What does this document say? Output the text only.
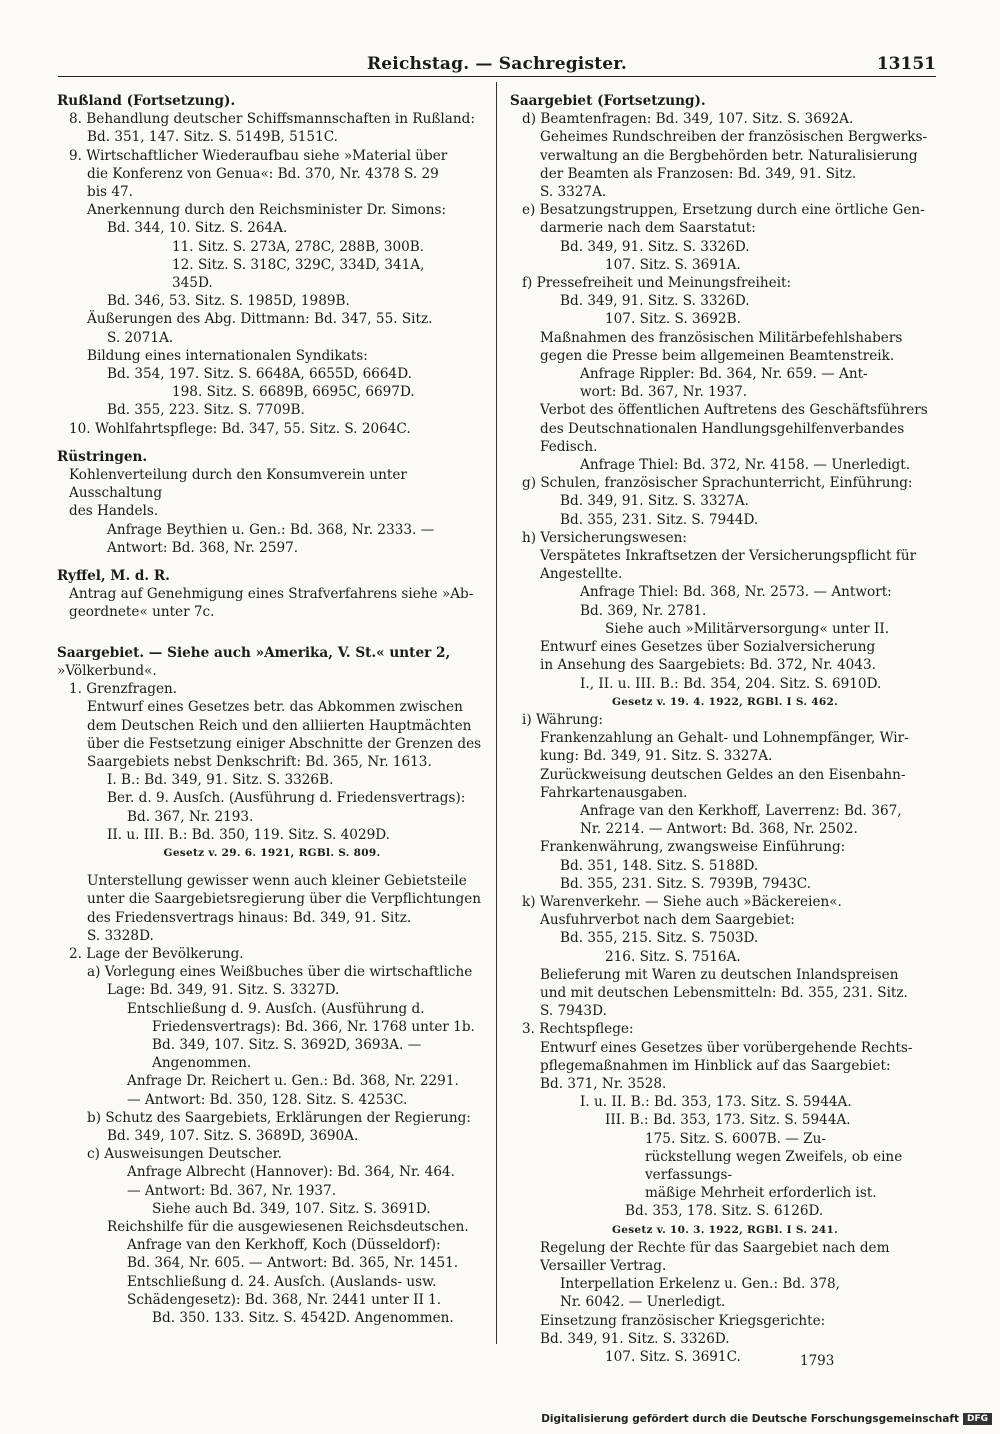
Reichstag. — Sachregister.	13151

Rußland (Fortsetzung).

8. Behandlung deutscher Schiffsmannschaften in Rußland:

Bd. 351, 147. Sitz. S. 5149B, 5151C.

9. Wirtschaftlicher Wiederaufbau siehe »Material über

die Konferenz von Genua«: Bd. 370, Nr. 4378 S. 29

bis 47.

Anerkennung durch den Reichsminister Dr. Simons:

Bd. 344, 10. Sitz. S. 264A.

11. Sitz. S. 273A, 278C, 288B, 300B.

12. Sitz. S. 318C, 329C, 334D, 341A,

345D.

Bd. 346, 53. Sitz. S. 1985D, 1989B.

Äußerungen des Abg. Dittmann: Bd. 347, 55. Sitz.

S. 2071A.

Bildung eines internationalen Syndikats:

Bd. 354, 197. Sitz. S. 6648A, 6655D, 6664D.

198. Sitz. S. 6689B, 6695C, 6697D.

Bd. 355, 223. Sitz. S. 7709B.

10. Wohlfahrtspflege: Bd. 347, 55. Sitz. S. 2064C.

Rüstringen.

Kohlenverteilung durch den Konsumverein unter Ausschaltung

des Handels.

Anfrage Beythien u. Gen.: Bd. 368, Nr. 2333. —

Antwort: Bd. 368, Nr. 2597.

Ryffel, M. d. R.

Antrag auf Genehmigung eines Strafverfahrens siehe »Ab-

geordnete« unter 7c.

Saargebiet. — Siehe auch »Amerika, V. St.« unter 2,

»Völkerbund«.

1. Grenzfragen.

Entwurf eines Gesetzes betr. das Abkommen zwischen

dem Deutschen Reich und den alliierten Hauptmächten

über die Festsetzung einiger Abschnitte der Grenzen des

Saargebiets nebst Denkschrift: Bd. 365, Nr. 1613.

I. B.: Bd. 349, 91. Sitz. S. 3326B.

Ber. d. 9. Ausſch. (Ausführung d. Friedensvertrags):

Bd. 367, Nr. 2193.

II. u. III. B.: Bd. 350, 119. Sitz. S. 4029D.

Gesetz v. 29. 6. 1921, RGBl. S. 809.

Unterstellung gewisser wenn auch kleiner Gebietsteile

unter die Saargebietsregierung über die Verpflichtungen

des Friedensvertrags hinaus: Bd. 349, 91. Sitz.

S. 3328D.

2. Lage der Bevölkerung.

a) Vorlegung eines Weißbuches über die wirtschaftliche

Lage: Bd. 349, 91. Sitz. S. 3327D.

Entschließung d. 9. Ausſch. (Ausführung d.

Friedensvertrags): Bd. 366, Nr. 1768 unter 1b.

Bd. 349, 107. Sitz. S. 3692D, 3693A. —

Angenommen.

Anfrage Dr. Reichert u. Gen.: Bd. 368, Nr. 2291.

— Antwort: Bd. 350, 128. Sitz. S. 4253C.

b) Schutz des Saargebiets, Erklärungen der Regierung:

Bd. 349, 107. Sitz. S. 3689D, 3690A.

c) Ausweisungen Deutscher.

Anfrage Albrecht (Hannover): Bd. 364, Nr. 464.

— Antwort: Bd. 367, Nr. 1937.

Siehe auch Bd. 349, 107. Sitz. S. 3691D.

Reichshilfe für die ausgewiesenen Reichsdeutschen.

Anfrage van den Kerkhoff, Koch (Düsseldorf):

Bd. 364, Nr. 605. — Antwort: Bd. 365, Nr. 1451.

Entschließung d. 24. Ausſch. (Auslands- usw.

Schädengesetz): Bd. 368, Nr. 2441 unter II 1.

Bd. 350. 133. Sitz. S. 4542D. Angenommen.

Saargebiet (Fortsetzung).

d) Beamtenfragen: Bd. 349, 107. Sitz. S. 3692A.

Geheimes Rundschreiben der französischen Bergwerks-

verwaltung an die Bergbehörden betr. Naturalisierung

der Beamten als Franzosen: Bd. 349, 91. Sitz.

S. 3327A.

e) Besatzungstruppen, Ersetzung durch eine örtliche Gen-

darmerie nach dem Saarstatut:

Bd. 349, 91. Sitz. S. 3326D.

107. Sitz. S. 3691A.

f) Pressefreiheit und Meinungsfreiheit:

Bd. 349, 91. Sitz. S. 3326D.

107. Sitz. S. 3692B.

Maßnahmen des französischen Militärbefehlshabers

gegen die Presse beim allgemeinen Beamtenstreik.

Anfrage Rippler: Bd. 364, Nr. 659. — Ant-

wort: Bd. 367, Nr. 1937.

Verbot des öffentlichen Auftretens des Geschäftsführers

des Deutschnationalen Handlungsgehilfenverbandes

Fedisch.

Anfrage Thiel: Bd. 372, Nr. 4158. — Unerledigt.

g) Schulen, französischer Sprachunterricht, Einführung:

Bd. 349, 91. Sitz. S. 3327A.

Bd. 355, 231. Sitz. S. 7944D.

h) Versicherungswesen:

Verspätetes Inkraftsetzen der Versicherungspflicht für

Angestellte.

Anfrage Thiel: Bd. 368, Nr. 2573. — Antwort:

Bd. 369, Nr. 2781.

Siehe auch »Militärversorgung« unter II.

Entwurf eines Gesetzes über Sozialversicherung

in Ansehung des Saargebiets: Bd. 372, Nr. 4043.

I., II. u. III. B.: Bd. 354, 204. Sitz. S. 6910D.

Gesetz v. 19. 4. 1922, RGBl. I S. 462.

i) Währung:

Frankenzahlung an Gehalt- und Lohnempfänger, Wir-

kung: Bd. 349, 91. Sitz. S. 3327A.

Zurückweisung deutschen Geldes an den Eisenbahn-

Fahrkartenausgaben.

Anfrage van den Kerkhoff, Laverrenz: Bd. 367,

Nr. 2214. — Antwort: Bd. 368, Nr. 2502.

Frankenwährung, zwangsweise Einführung:

Bd. 351, 148. Sitz. S. 5188D.

Bd. 355, 231. Sitz. S. 7939B, 7943C.

k) Warenverkehr. — Siehe auch »Bäckereien«.

Ausfuhrverbot nach dem Saargebiet:

Bd. 355, 215. Sitz. S. 7503D.

216. Sitz. S. 7516A.

Belieferung mit Waren zu deutschen Inlandspreisen

und mit deutschen Lebensmitteln: Bd. 355, 231. Sitz.

S. 7943D.

3. Rechtspflege:

Entwurf eines Gesetzes über vorübergehende Rechts-

pflegemaßnahmen im Hinblick auf das Saargebiet:

Bd. 371, Nr. 3528.

I. u. II. B.: Bd. 353, 173. Sitz. S. 5944A.

III. B.: Bd. 353, 173. Sitz. S. 5944A.

175. Sitz. S. 6007B. — Zu-

rückstellung wegen Zweifels, ob eine verfassungs-

mäßige Mehrheit erforderlich ist.

Bd. 353, 178. Sitz. S. 6126D.

Gesetz v. 10. 3. 1922, RGBl. I S. 241.

Regelung der Rechte für das Saargebiet nach dem

Versailler Vertrag.

Interpellation Erkelenz u. Gen.: Bd. 378,

Nr. 6042. — Unerledigt.

Einsetzung französischer Kriegsgerichte:

Bd. 349, 91. Sitz. S. 3326D.

107. Sitz. S. 3691C.	1793
Digitalisierung gefördert durch die Deutsche Forschungsgemeinschaft DFG
